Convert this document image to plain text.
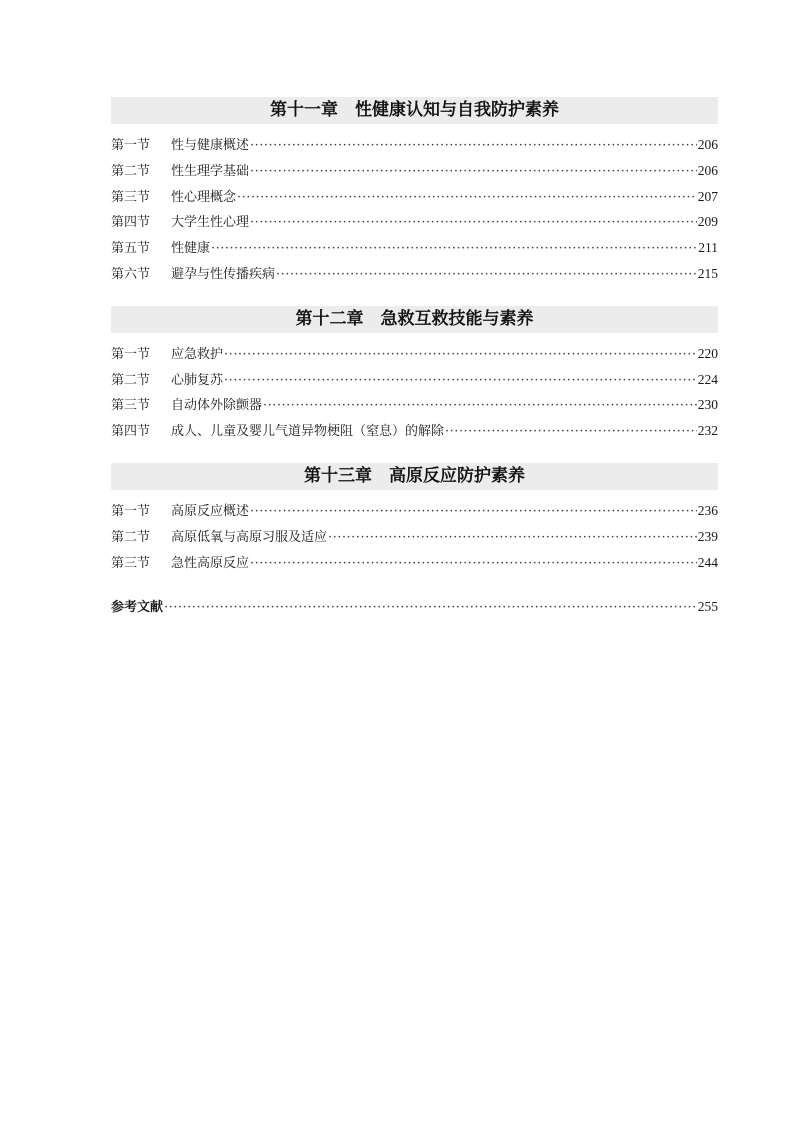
第十一章　性健康认知与自我防护素养
第一节	性与健康概述 ·····	206
第二节	性生理学基础 ·····	206
第三节	性心理概念 ·····	207
第四节	大学生性心理 ·····	209
第五节	性健康 ·····	211
第六节	避孕与性传播疾病 ·····	215
第十二章　急救互救技能与素养
第一节	应急救护 ·····	220
第二节	心肺复苏 ·····	224
第三节	自动体外除颤器 ·····	230
第四节	成人、儿童及婴儿气道异物梗阻（窒息）的解除 ·····	232
第十三章　高原反应防护素养
第一节	高原反应概述 ·····	236
第二节	高原低氧与高原习服及适应 ·····	239
第三节	急性高原反应 ·····	244
参考文献 ·····	255
